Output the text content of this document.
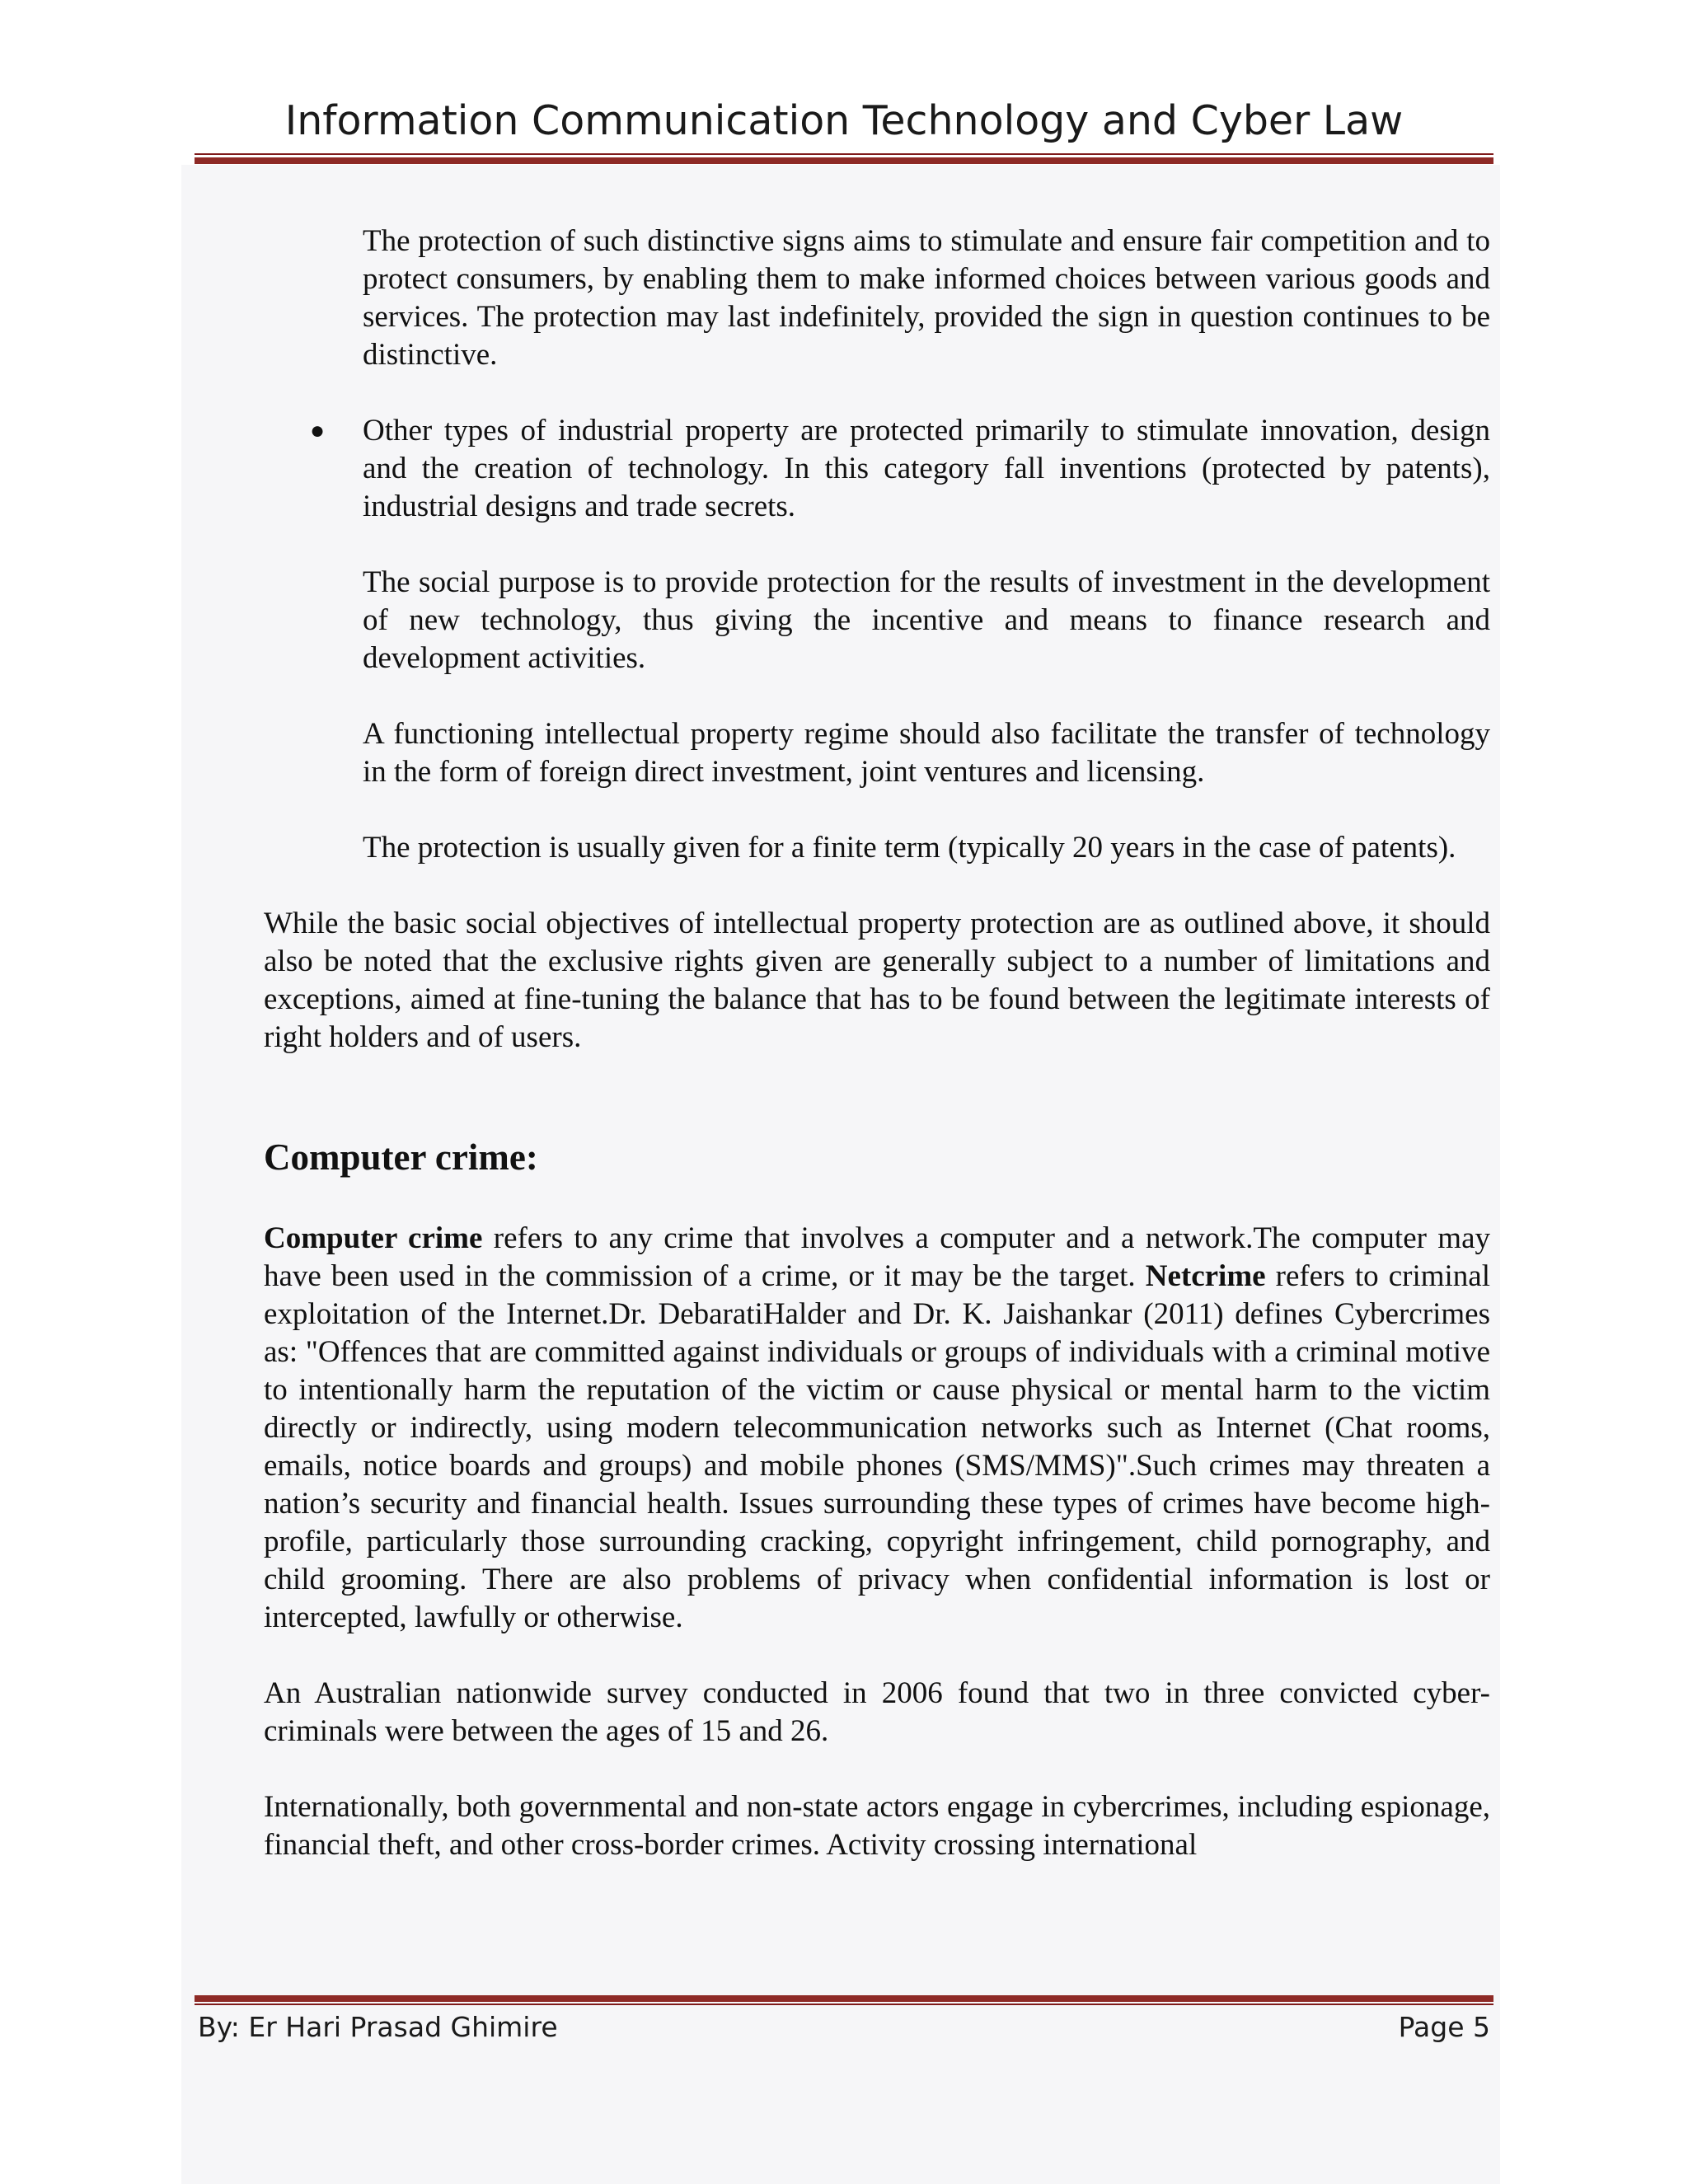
Information Communication Technology and Cyber Law

The protection of such distinctive signs aims to stimulate and ensure fair competition and to protect consumers, by enabling them to make informed choices between various goods and services. The protection may last indefinitely, provided the sign in question continues to be distinctive.

● Other types of industrial property are protected primarily to stimulate innovation, design and the creation of technology. In this category fall inventions (protected by patents), industrial designs and trade secrets.

The social purpose is to provide protection for the results of investment in the development of new technology, thus giving the incentive and means to finance research and development activities.

A functioning intellectual property regime should also facilitate the transfer of technology in the form of foreign direct investment, joint ventures and licensing.

The protection is usually given for a finite term (typically 20 years in the case of patents).

While the basic social objectives of intellectual property protection are as outlined above, it should also be noted that the exclusive rights given are generally subject to a number of limitations and exceptions, aimed at fine-tuning the balance that has to be found between the legitimate interests of right holders and of users.

Computer crime:

Computer crime refers to any crime that involves a computer and a network.The computer may have been used in the commission of a crime, or it may be the target. Netcrime refers to criminal exploitation of the Internet.Dr. DebaratiHalder and Dr. K. Jaishankar (2011) defines Cybercrimes as: "Offences that are committed against individuals or groups of individuals with a criminal motive to intentionally harm the reputation of the victim or cause physical or mental harm to the victim directly or indirectly, using modern telecommunication networks such as Internet (Chat rooms, emails, notice boards and groups) and mobile phones (SMS/MMS)".Such crimes may threaten a nation’s security and financial health. Issues surrounding these types of crimes have become high-profile, particularly those surrounding cracking, copyright infringement, child pornography, and child grooming. There are also problems of privacy when confidential information is lost or intercepted, lawfully or otherwise.

An Australian nationwide survey conducted in 2006 found that two in three convicted cyber-criminals were between the ages of 15 and 26.

Internationally, both governmental and non-state actors engage in cybercrimes, including espionage, financial theft, and other cross-border crimes. Activity crossing international

By: Er Hari Prasad Ghimire	Page 5
